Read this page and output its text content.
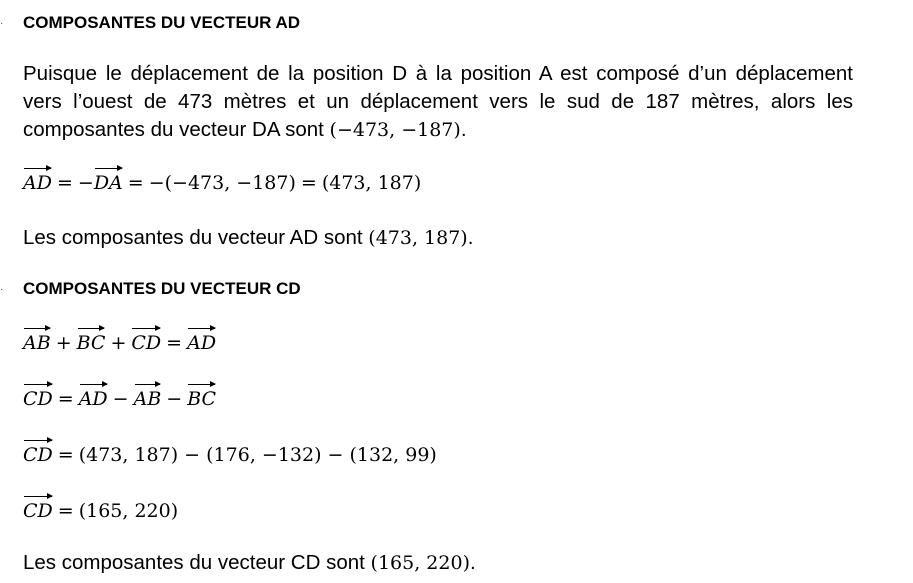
· COMPOSANTES DU VECTEUR AD
Puisque le déplacement de la position D à la position A est composé d’un déplacement
vers l’ouest de 473 mètres et un déplacement vers le sud de 187 mètres, alors les
composantes du vecteur DA sont (−473, −187).
AD = −DA = −(−473, −187) = (473, 187)
Les composantes du vecteur AD sont (473, 187).
· COMPOSANTES DU VECTEUR CD
AB + BC + CD = AD
CD = AD − AB − BC
CD = (473, 187) − (176, −132) − (132, 99)
CD = (165, 220)
Les composantes du vecteur CD sont (165, 220).
